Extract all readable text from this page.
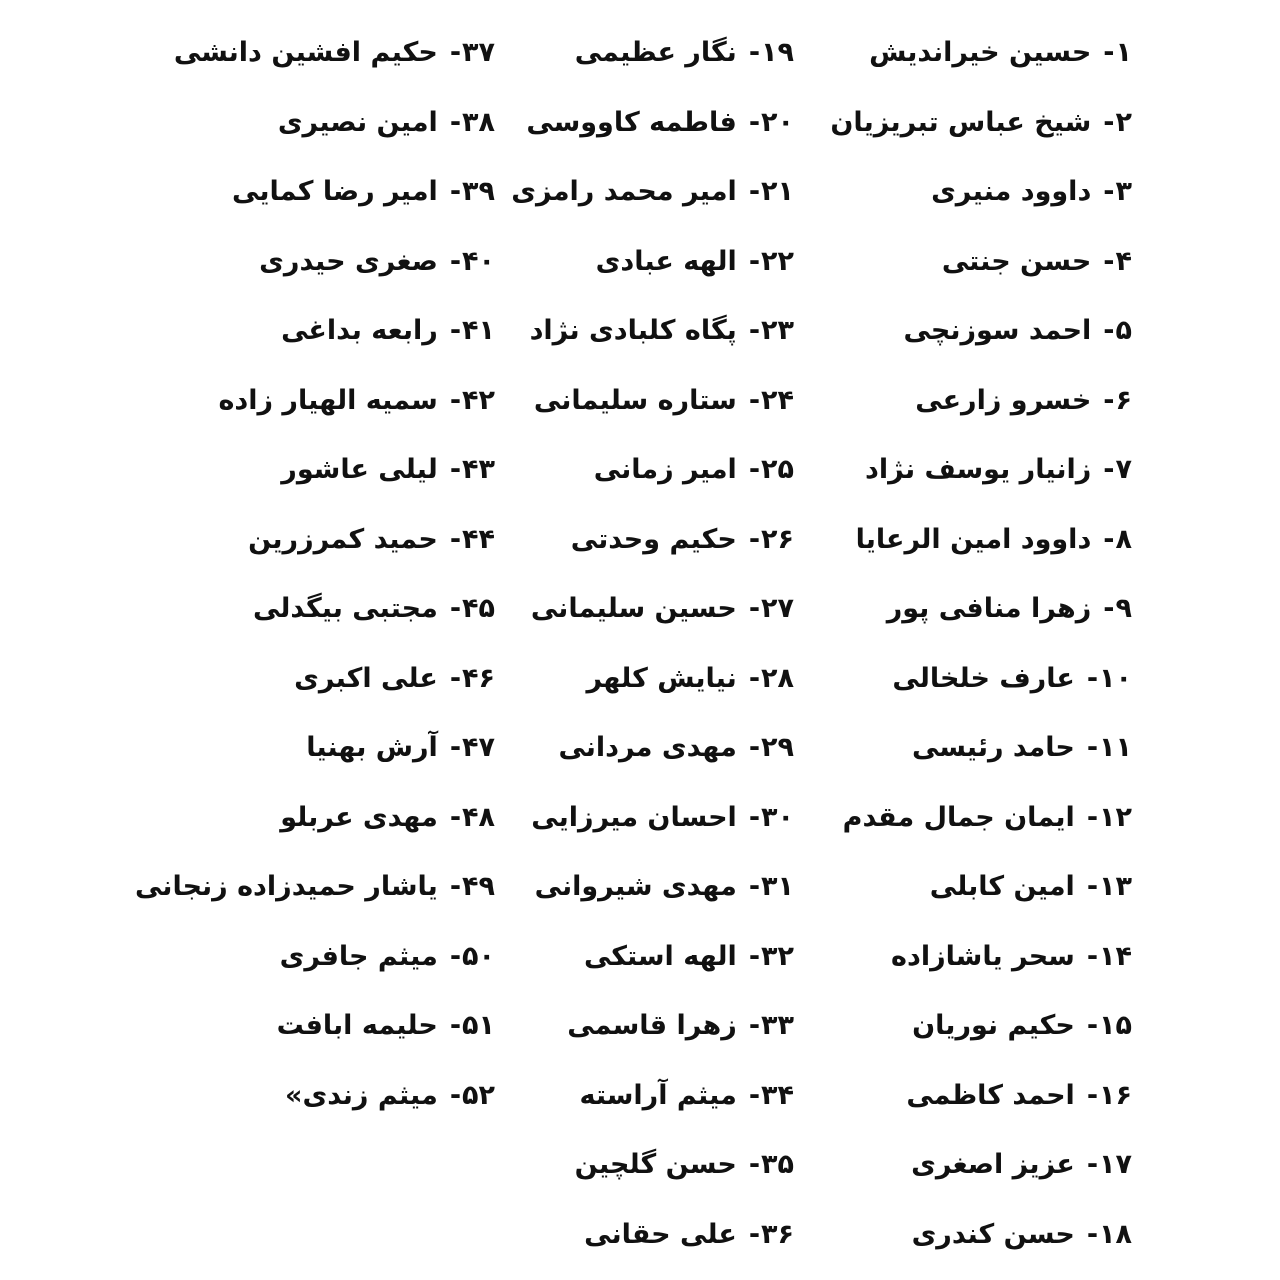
۱-حسین خیراندیش
۲-شیخ عباس تبریزیان
۳-داوود منیری
۴-حسن جنتی
۵-احمد سوزنچی
۶-خسرو زارعی
۷-زانیار یوسف نژاد
۸-داوود امین الرعایا
۹-زهرا منافی پور
۱۰-عارف خلخالی
۱۱-حامد رئیسی
۱۲-ایمان جمال مقدم
۱۳-امین کابلی
۱۴-سحر یاشازاده
۱۵-حکیم نوریان
۱۶-احمد کاظمی
۱۷-عزیز اصغری
۱۸-حسن کندری
۱۹-نگار عظیمی
۲۰-فاطمه کاووسی
۲۱-امیر محمد رامزی
۲۲-الهه عبادی
۲۳-پگاه کلبادی نژاد
۲۴-ستاره سلیمانی
۲۵-امیر زمانی
۲۶-حکیم وحدتی
۲۷-حسین سلیمانی
۲۸-نیایش کلهر
۲۹-مهدی مردانی
۳۰-احسان میرزایی
۳۱-مهدی شیروانی
۳۲-الهه استکی
۳۳-زهرا قاسمی
۳۴-میثم آراسته
۳۵-حسن گلچین
۳۶-علی حقانی
۳۷-حکیم افشین دانشی
۳۸-امین نصیری
۳۹-امیر رضا کمایی
۴۰-صغری حیدری
۴۱-رابعه بداغی
۴۲-سمیه الهیار زاده
۴۳-لیلی عاشور
۴۴-حمید کمرزرین
۴۵-مجتبی بیگدلی
۴۶-علی اکبری
۴۷-آرش بهنیا
۴۸-مهدی عربلو
۴۹-یاشار حمیدزاده زنجانی
۵۰-میثم جافری
۵۱-حلیمه ابافت
۵۲-میثم زندی»
